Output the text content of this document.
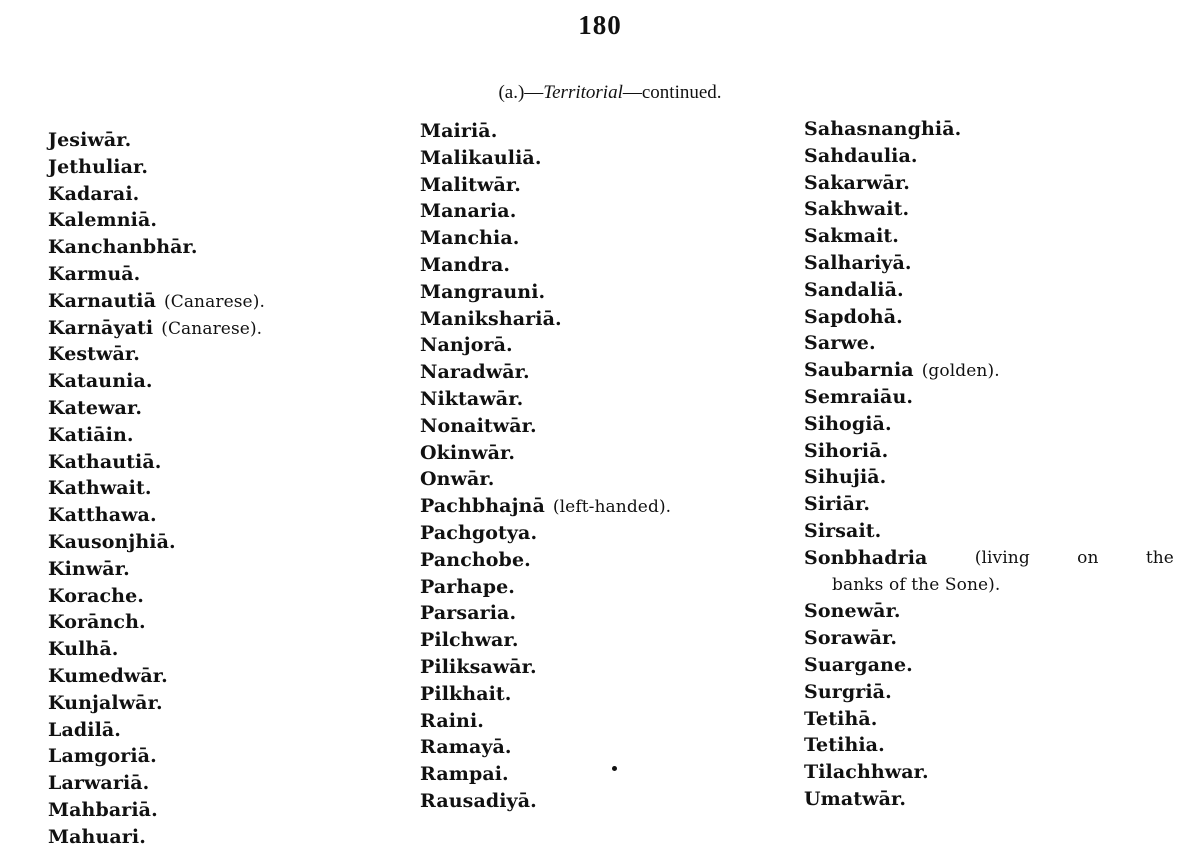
180
(a.)—Territorial—continued.
Jesiwār.
Jethuliar.
Kadarai.
Kalemniā.
Kanchanbhār.
Karmuā.
Karnautiā (Canarese).
Karnāyati (Canarese).
Kestwār.
Kataunia.
Katewar.
Katiāin.
Kathautiā.
Kathwait.
Katthawa.
Kausonjhiā.
Kinwār.
Korache.
Korānch.
Kulhā.
Kumedwār.
Kunjalwār.
Ladilā.
Lamgoriā.
Larwariā.
Mahbariā.
Mahuari.
Mairiā.
Malikauliā.
Malitwār.
Manaria.
Manchia.
Mandra.
Mangrauni.
Manikshariā.
Nanjorā.
Naradwār.
Niktawār.
Nonaitwār.
Okinwār.
Onwār.
Pachbhajnā (left-handed).
Pachgotya.
Panchobe.
Parhape.
Parsaria.
Pilchwar.
Piliksawār.
Pilkhait.
Raini.
Ramayā.
Rampai.
Rausadiyā.
Sahasnanghiā.
Sahdaulia.
Sakarwār.
Sakhwait.
Sakmait.
Salhariyā.
Sandaliā.
Sapdohā.
Sarwe.
Saubarnia (golden).
Semraiāu.
Sihogiā.
Sihoriā.
Sihujiā.
Siriār.
Sirsait.
Sonbhadria	(living	on	the
banks of the Sone).
Sonewār.
Sorawār.
Suargane.
Surgriā.
Tetihā.
Tetihia.
Tilachhwar.
Umatwār.
